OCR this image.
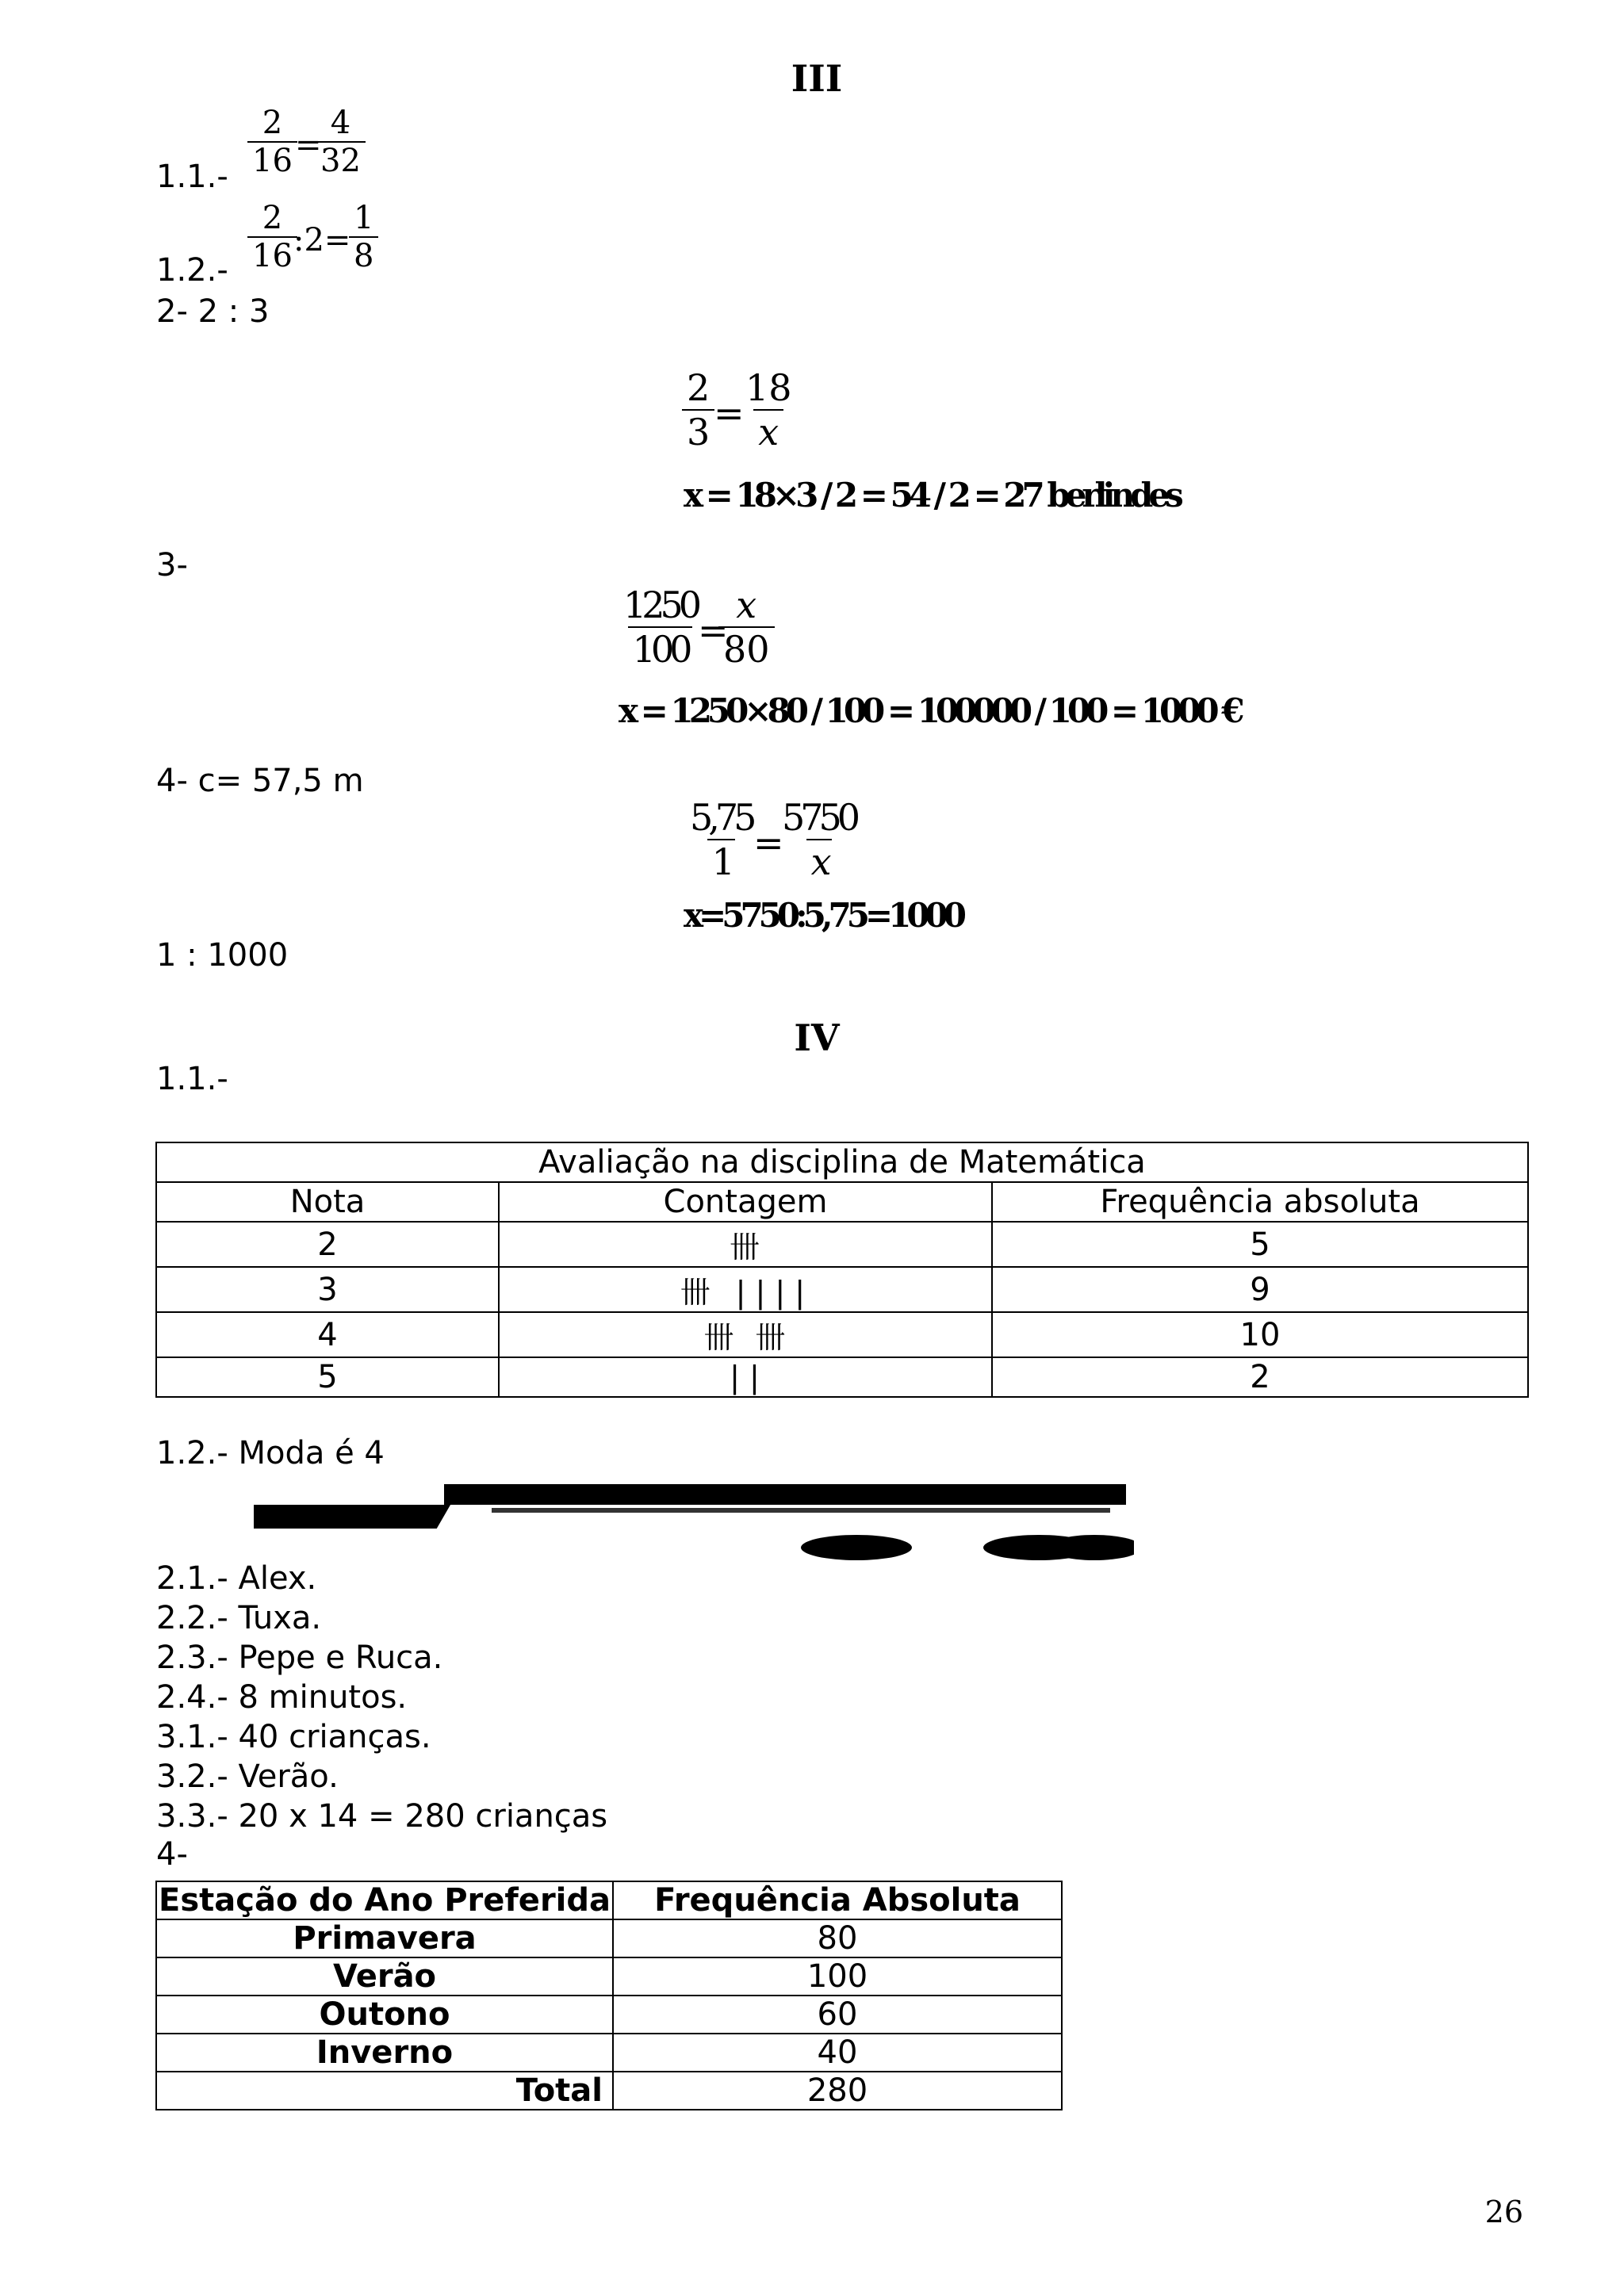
III
$1.1.- \frac{2}{16}$
=
$\frac{4}{32}$
$1.2.- \frac{2}{16}$
:2=
$\frac{1}{8}$
2- 2 : 3
$\frac{2}{3}$
=
$\frac{18}{x}$
x = 18×3 / 2 = 54 / 2 = 27 berlindes
3-
$\frac{1250}{100}$
=
$\frac{x}{80}$
x = 1250×80 / 100 = 100000 / 100 = 1000 €
4- c= 57,5 m
$\frac{5,75}{1}$
=
$\frac{5750}{x}$
x=5750:5,75=1000
1 : 1000
IV
1.1.-
Avaliação na disciplina de Matemática		
Nota	Contagem	Frequência absoluta
2	卌	5
3	卌 ||||	9
4	卌 卌	10
5	||	2
1.2.- Moda é 4
2.1.- Alex.
2.2.- Tuxa.
2.3.- Pepe e Ruca.
2.4.- 8 minutos.
3.1.- 40 crianças.
3.2.- Verão.
3.3.- 20 x 14 = 280 crianças
4-
Estação do Ano Preferida	Frequência Absoluta
Primavera	80
Verão	100
Outono	60
Inverno	40
Total	280
26
